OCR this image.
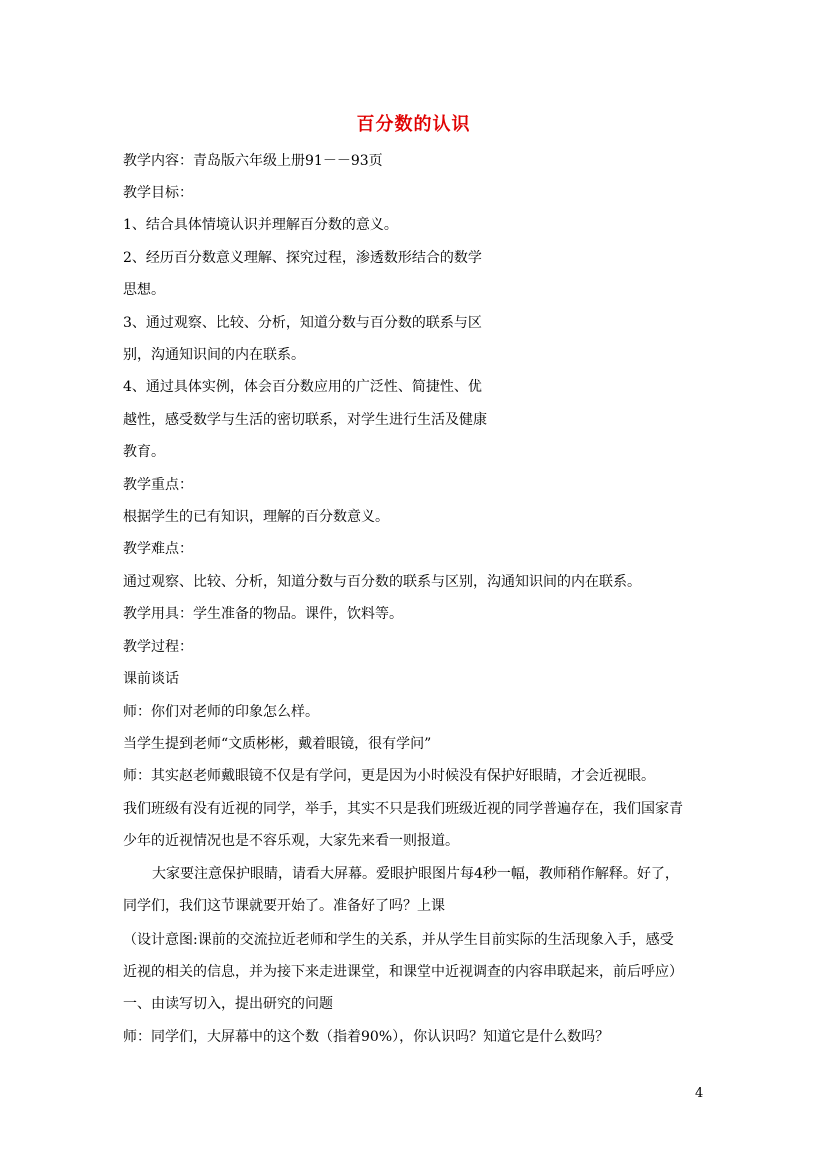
百分数的认识
教学内容：青岛版六年级上册91－－93页
教学目标：
1、结合具体情境认识并理解百分数的意义。
2、经历百分数意义理解、探究过程，渗透数形结合的数学
思想。
3、通过观察、比较、分析，知道分数与百分数的联系与区
别，沟通知识间的内在联系。
4、通过具体实例，体会百分数应用的广泛性、简捷性、优
越性，感受数学与生活的密切联系，对学生进行生活及健康
教育。
教学重点：
根据学生的已有知识，理解的百分数意义。
教学难点：
通过观察、比较、分析，知道分数与百分数的联系与区别，沟通知识间的内在联系。
教学用具：学生准备的物品。课件，饮料等。
教学过程：
课前谈话
师：你们对老师的印象怎么样。
当学生提到老师“文质彬彬，戴着眼镜，很有学问”
师：其实赵老师戴眼镜不仅是有学问，更是因为小时候没有保护好眼睛，才会近视眼。
我们班级有没有近视的同学，举手，其实不只是我们班级近视的同学普遍存在，我们国家青
少年的近视情况也是不容乐观，大家先来看一则报道。
大家要注意保护眼睛，请看大屏幕。爱眼护眼图片每4秒一幅，教师稍作解释。好了，
同学们，我们这节课就要开始了。准备好了吗？上课
（设计意图:课前的交流拉近老师和学生的关系，并从学生目前实际的生活现象入手，感受
近视的相关的信息，并为接下来走进课堂，和课堂中近视调查的内容串联起来，前后呼应）
一、由读写切入，提出研究的问题
师：同学们，大屏幕中的这个数（指着90%），你认识吗？知道它是什么数吗？
4
